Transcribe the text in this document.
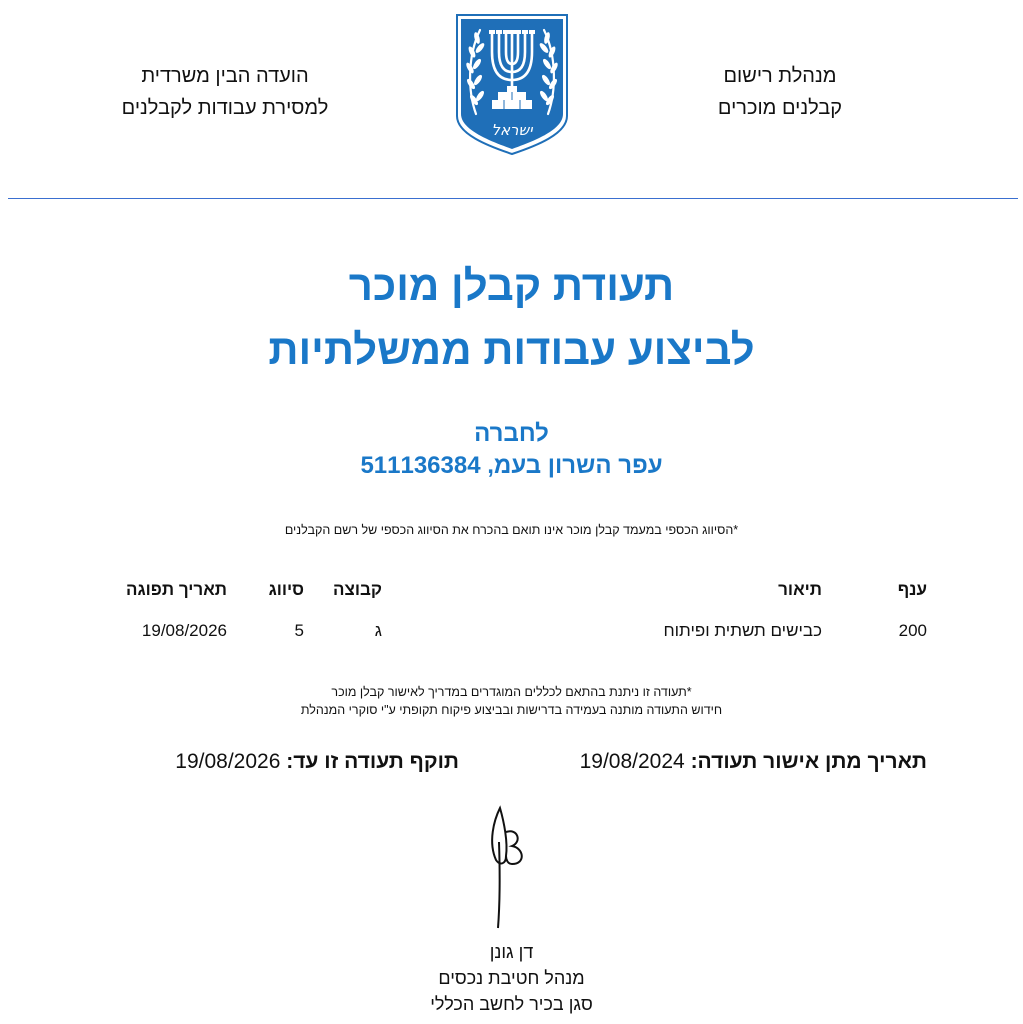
מנהלת רישום
קבלנים מוכרים
ישראל
הועדה הבין משרדית
למסירת עבודות לקבלנים
תעודת קבלן מוכר
לביצוע עבודות ממשלתיות
לחברה
עפר השרון בעמ, 511136384
*הסיווג הכספי במעמד קבלן מוכר אינו תואם בהכרח את הסיווג הכספי של רשם הקבלנים
ענף
תיאור
קבוצה
סיווג
תאריך תפוגה
200
כבישים תשתית ופיתוח
ג
5
19/08/2026
*תעודה זו ניתנת בהתאם לכללים המוגדרים במדריך לאישור קבלן מוכר
חידוש התעודה מותנה בעמידה בדרישות ובביצוע פיקוח תקופתי ע"י סוקרי המנהלת
תאריך מתן אישור תעודה: 19/08/2024
תוקף תעודה זו עד: 19/08/2026
דן גונן
מנהל חטיבת נכסים
סגן בכיר לחשב הכללי
